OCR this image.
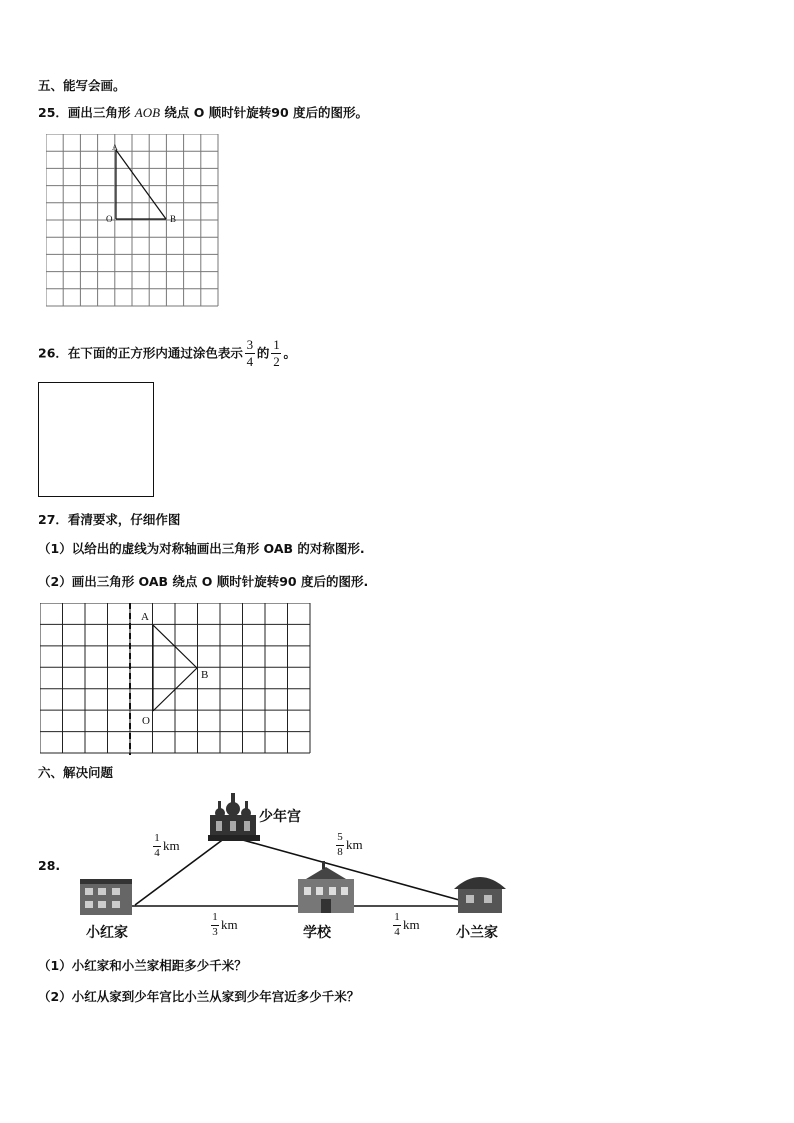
五、能写会画。
25．画出三角形 AOB 绕点 O 顺时针旋转90 度后的图形。
A
O	B
26．在下面的正方形内通过涂色表示 $\frac{3}{4}$ 的 $\frac{1}{2}$ 。
27．看清要求，仔细作图
（1）以给出的虚线为对称轴画出三角形 OAB 的对称图形.
（2）画出三角形 OAB 绕点 O 顺时针旋转90 度后的图形.
A
B
O
六、解决问题
28.
少年宫
小红家	学校	小兰家
1
4 km
5
8 km
1
3 km
1
4 km
（1）小红家和小兰家相距多少千米？
（2）小红从家到少年宫比小兰从家到少年宫近多少千米？
